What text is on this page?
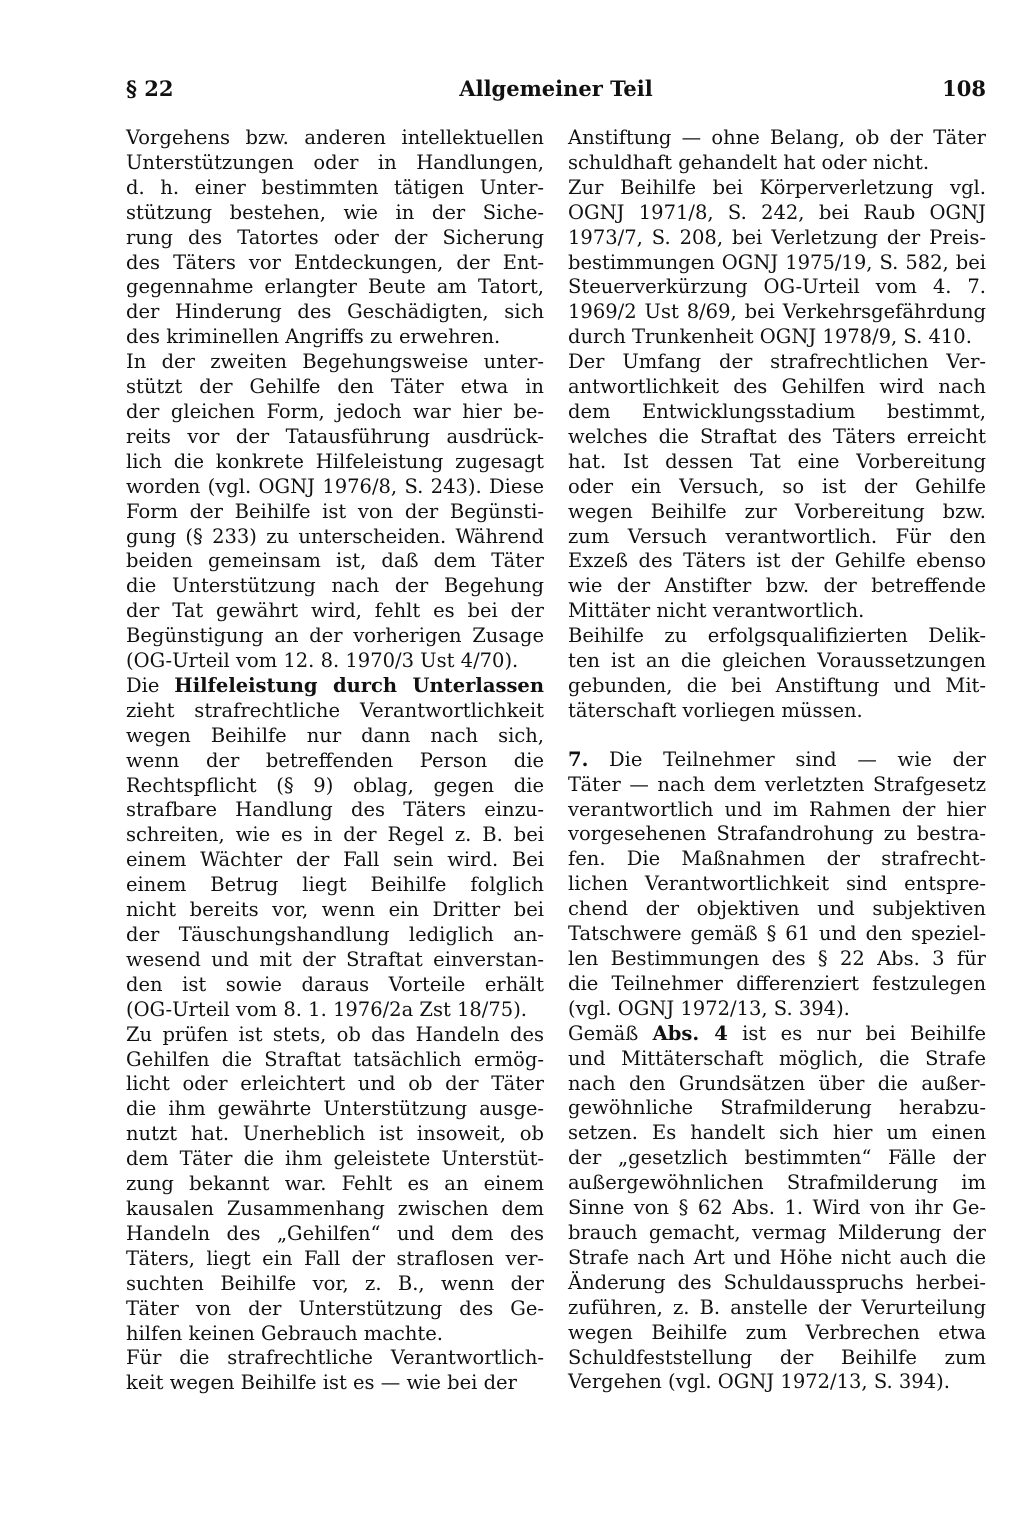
Allgemeiner Teil
§ 22	108
Vorgehens bzw. anderen intellektuellen
Unterstützungen oder in Handlungen,
d. h. einer bestimmten tätigen Unter-
stützung bestehen, wie in der Siche-
rung des Tatortes oder der Sicherung
des Täters vor Entdeckungen, der Ent-
gegennahme erlangter Beute am Tatort,
der Hinderung des Geschädigten, sich
des kriminellen Angriffs zu erwehren.
In der zweiten Begehungsweise unter-
stützt der Gehilfe den Täter etwa in
der gleichen Form, jedoch war hier be-
reits vor der Tatausführung ausdrück-
lich die konkrete Hilfeleistung zugesagt
worden (vgl. OGNJ 1976/8, S. 243). Diese
Form der Beihilfe ist von der Begünsti-
gung (§ 233) zu unterscheiden. Während
beiden gemeinsam ist, daß dem Täter
die Unterstützung nach der Begehung
der Tat gewährt wird, fehlt es bei der
Begünstigung an der vorherigen Zusage
(OG-Urteil vom 12. 8. 1970/3 Ust 4/70).
Die Hilfeleistung durch Unterlassen
zieht strafrechtliche Verantwortlichkeit
wegen Beihilfe nur dann nach sich,
wenn der betreffenden Person die
Rechtspflicht (§ 9) oblag, gegen die
strafbare Handlung des Täters einzu-
schreiten, wie es in der Regel z. B. bei
einem Wächter der Fall sein wird. Bei
einem Betrug liegt Beihilfe folglich
nicht bereits vor, wenn ein Dritter bei
der Täuschungshandlung lediglich an-
wesend und mit der Straftat einverstan-
den ist sowie daraus Vorteile erhält
(OG-Urteil vom 8. 1. 1976/2a Zst 18/75).
Zu prüfen ist stets, ob das Handeln des
Gehilfen die Straftat tatsächlich ermög-
licht oder erleichtert und ob der Täter
die ihm gewährte Unterstützung ausge-
nutzt hat. Unerheblich ist insoweit, ob
dem Täter die ihm geleistete Unterstüt-
zung bekannt war. Fehlt es an einem
kausalen Zusammenhang zwischen dem
Handeln des „Gehilfen“ und dem des
Täters, liegt ein Fall der straflosen ver-
suchten Beihilfe vor, z. B., wenn der
Täter von der Unterstützung des Ge-
hilfen keinen Gebrauch machte.
Für die strafrechtliche Verantwortlich-
keit wegen Beihilfe ist es — wie bei der
Anstiftung — ohne Belang, ob der Täter
schuldhaft gehandelt hat oder nicht.
Zur Beihilfe bei Körperverletzung vgl.
OGNJ 1971/8, S. 242, bei Raub OGNJ
1973/7, S. 208, bei Verletzung der Preis-
bestimmungen OGNJ 1975/19, S. 582, bei
Steuerverkürzung OG-Urteil vom 4. 7.
1969/2 Ust 8/69, bei Verkehrsgefährdung
durch Trunkenheit OGNJ 1978/9, S. 410.
Der Umfang der strafrechtlichen Ver-
antwortlichkeit des Gehilfen wird nach
dem Entwicklungsstadium bestimmt,
welches die Straftat des Täters erreicht
hat. Ist dessen Tat eine Vorbereitung
oder ein Versuch, so ist der Gehilfe
wegen Beihilfe zur Vorbereitung bzw.
zum Versuch verantwortlich. Für den
Exzeß des Täters ist der Gehilfe ebenso
wie der Anstifter bzw. der betreffende
Mittäter nicht verantwortlich.
Beihilfe zu erfolgsqualifizierten Delik-
ten ist an die gleichen Voraussetzungen
gebunden, die bei Anstiftung und Mit-
täterschaft vorliegen müssen.
7. Die Teilnehmer sind — wie der
Täter — nach dem verletzten Strafgesetz
verantwortlich und im Rahmen der hier
vorgesehenen Strafandrohung zu bestra-
fen. Die Maßnahmen der strafrecht-
lichen Verantwortlichkeit sind entspre-
chend der objektiven und subjektiven
Tatschwere gemäß § 61 und den speziel-
len Bestimmungen des § 22 Abs. 3 für
die Teilnehmer differenziert festzulegen
(vgl. OGNJ 1972/13, S. 394).
Gemäß Abs. 4 ist es nur bei Beihilfe
und Mittäterschaft möglich, die Strafe
nach den Grundsätzen über die außer-
gewöhnliche Strafmilderung herabzu-
setzen. Es handelt sich hier um einen
der „gesetzlich bestimmten“ Fälle der
außergewöhnlichen Strafmilderung im
Sinne von § 62 Abs. 1. Wird von ihr Ge-
brauch gemacht, vermag Milderung der
Strafe nach Art und Höhe nicht auch die
Änderung des Schuldausspruchs herbei-
zuführen, z. B. anstelle der Verurteilung
wegen Beihilfe zum Verbrechen etwa
Schuldfeststellung der Beihilfe zum
Vergehen (vgl. OGNJ 1972/13, S. 394).
